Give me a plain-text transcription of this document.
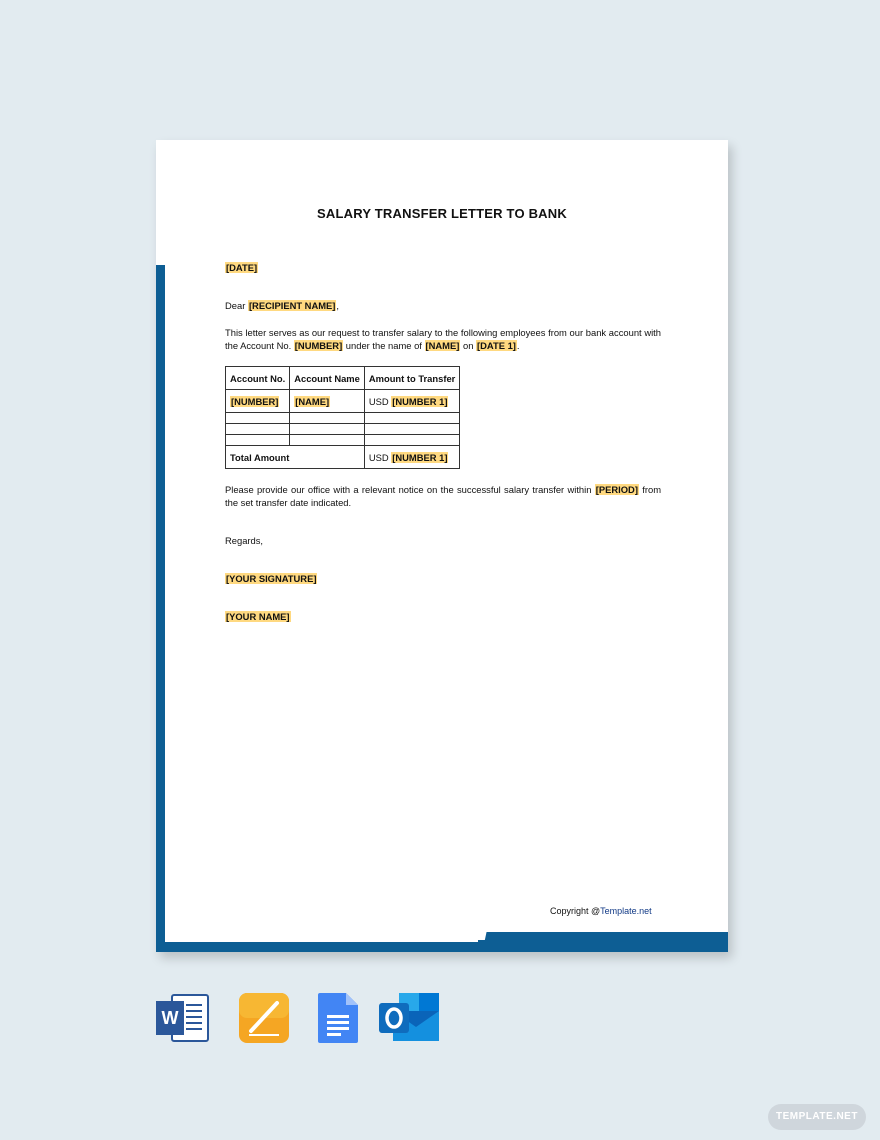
SALARY TRANSFER LETTER TO BANK

[DATE]

Dear [RECIPIENT NAME],

This letter serves as our request to transfer salary to the following employees from our bank account with the Account No. [NUMBER] under the name of [NAME] on [DATE 1].

Account No.	Account Name	Amount to Transfer
[NUMBER]	[NAME]	USD [NUMBER 1]

Total Amount		USD [NUMBER 1]

Please provide our office with a relevant notice on the successful salary transfer within [PERIOD] from the set transfer date indicated.

Regards,

[YOUR SIGNATURE]

[YOUR NAME]

Copyright @Template.net
W
TEMPLATE.NET
